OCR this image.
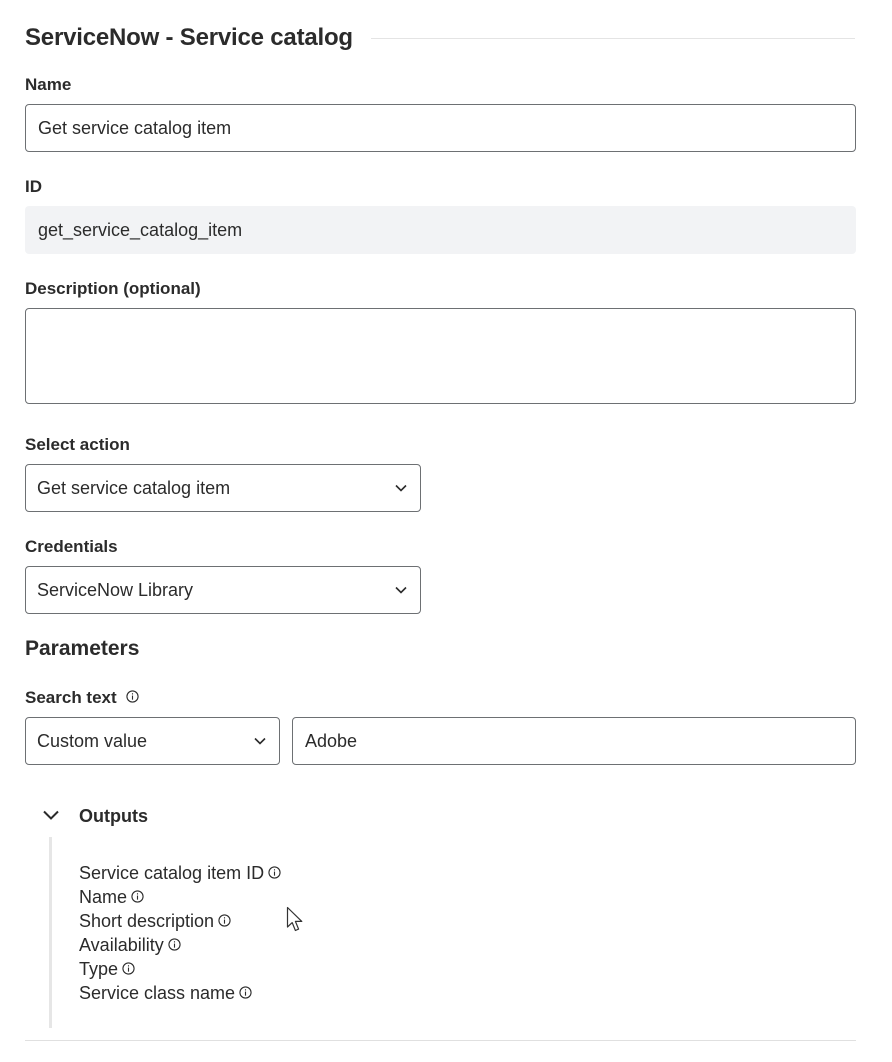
ServiceNow - Service catalog
Name
Get service catalog item
ID
get_service_catalog_item
Description (optional)
Select action
Get service catalog item
Credentials
ServiceNow Library
Parameters
Search text
Custom value	Adobe
Outputs
Service catalog item ID
Name
Short description
Availability
Type
Service class name
